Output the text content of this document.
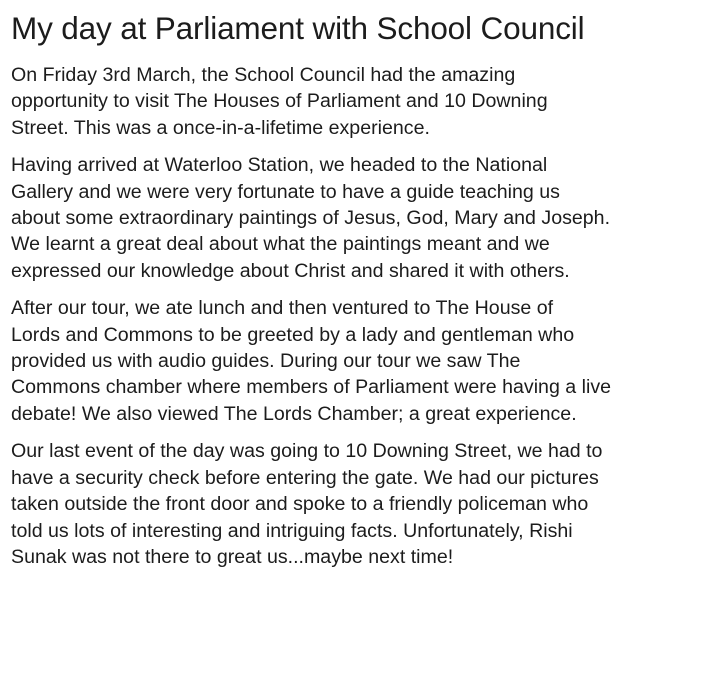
My day at Parliament with School Council

On Friday 3rd March, the School Council had the amazing
opportunity to visit The Houses of Parliament and 10 Downing
Street. This was a once-in-a-lifetime experience.

Having arrived at Waterloo Station, we headed to the National
Gallery and we were very fortunate to have a guide teaching us
about some extraordinary paintings of Jesus, God, Mary and Joseph.
We learnt a great deal about what the paintings meant and we
expressed our knowledge about Christ and shared it with others.

After our tour, we ate lunch and then ventured to The House of
Lords and Commons to be greeted by a lady and gentleman who
provided us with audio guides. During our tour we saw The
Commons chamber where members of Parliament were having a live
debate! We also viewed The Lords Chamber; a great experience.

Our last event of the day was going to 10 Downing Street, we had to
have a security check before entering the gate. We had our pictures
taken outside the front door and spoke to a friendly policeman who
told us lots of interesting and intriguing facts. Unfortunately, Rishi
Sunak was not there to great us...maybe next time!
